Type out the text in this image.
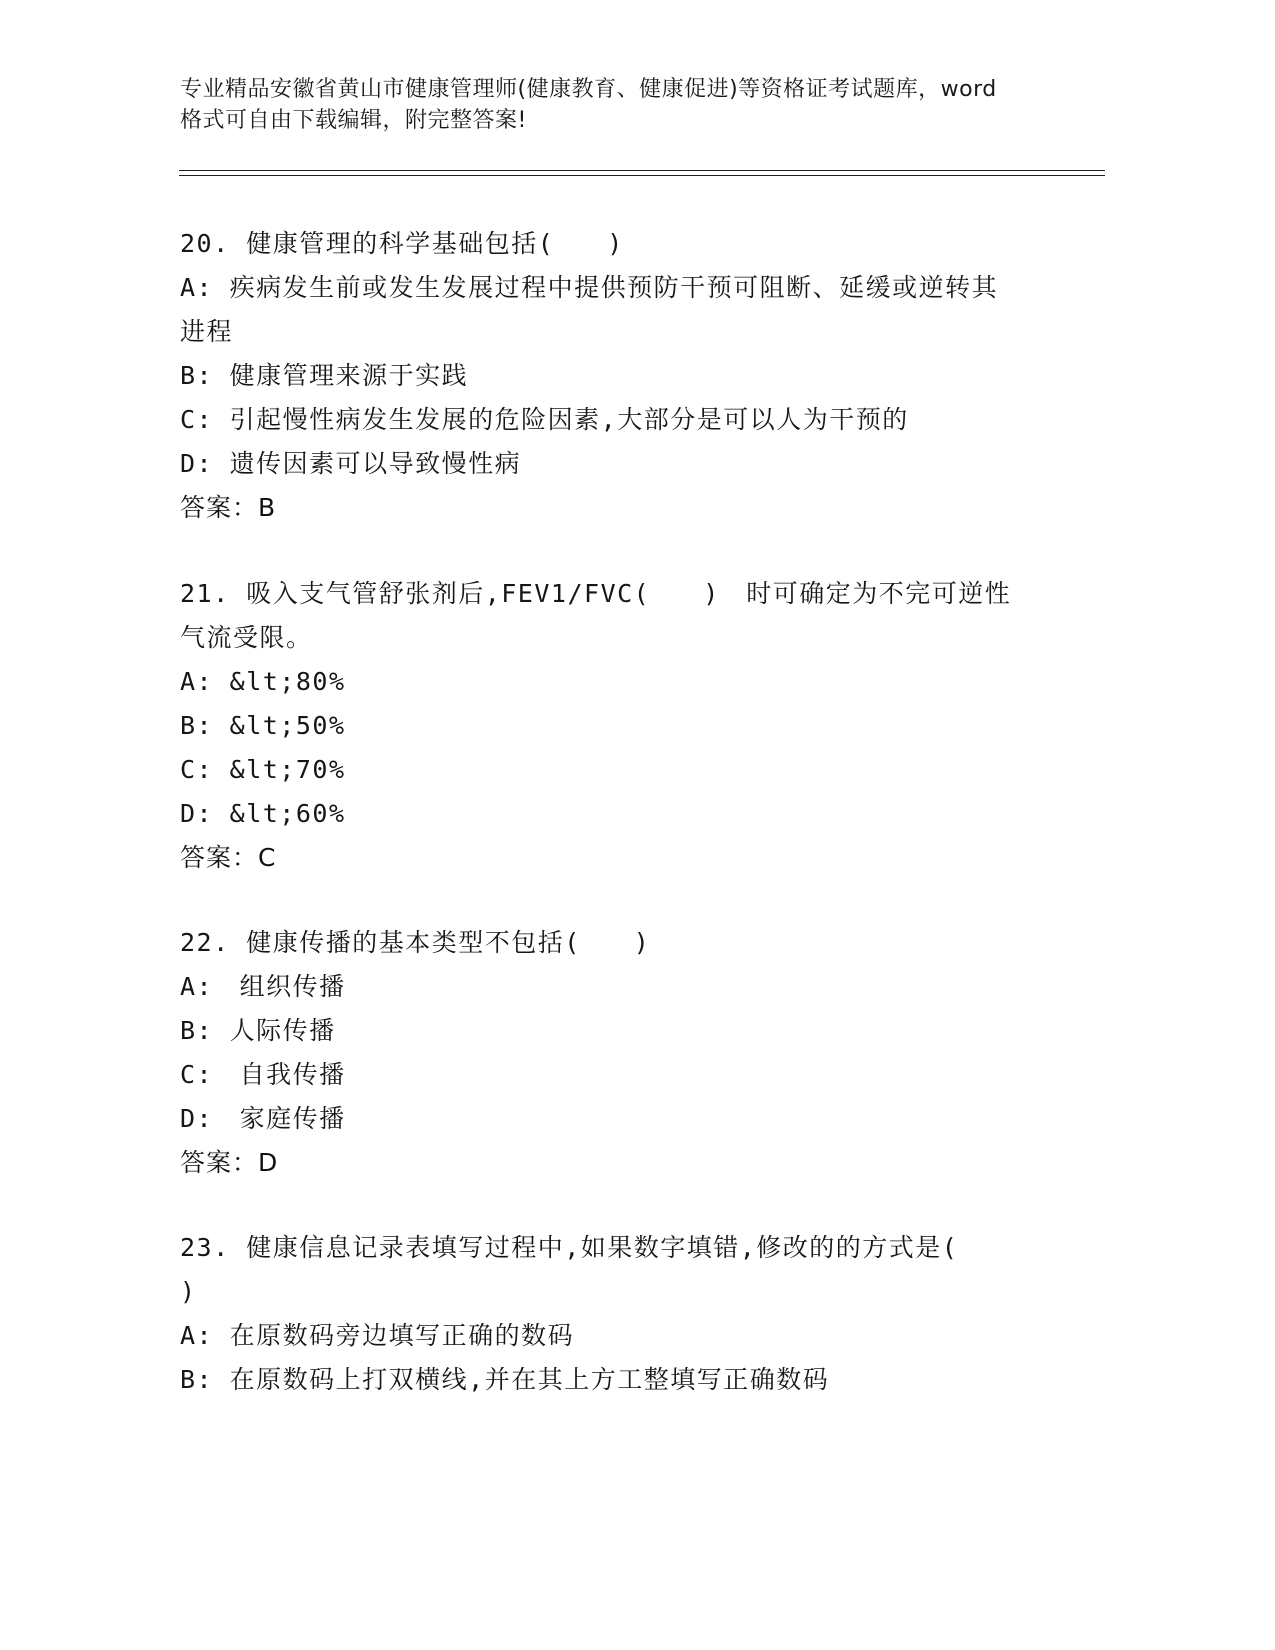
专业精品安徽省黄山市健康管理师(健康教育、健康促进)等资格证考试题库，word
格式可自由下载编辑，附完整答案!
20. 健康管理的科学基础包括(　　)
A: 疾病发生前或发生发展过程中提供预防干预可阻断、延缓或逆转其
进程
B: 健康管理来源于实践
C: 引起慢性病发生发展的危险因素,大部分是可以人为干预的
D: 遗传因素可以导致慢性病
答案：B
21. 吸入支气管舒张剂后,FEV1/FVC(　　)　时可确定为不完可逆性
气流受限。
A: &lt;80%
B: &lt;50%
C: &lt;70%
D: &lt;60%
答案：C
22. 健康传播的基本类型不包括(　　)
A:　组织传播
B: 人际传播
C:　自我传播
D:　家庭传播
答案：D
23. 健康信息记录表填写过程中,如果数字填错,修改的的方式是(
)
A: 在原数码旁边填写正确的数码
B: 在原数码上打双横线,并在其上方工整填写正确数码
